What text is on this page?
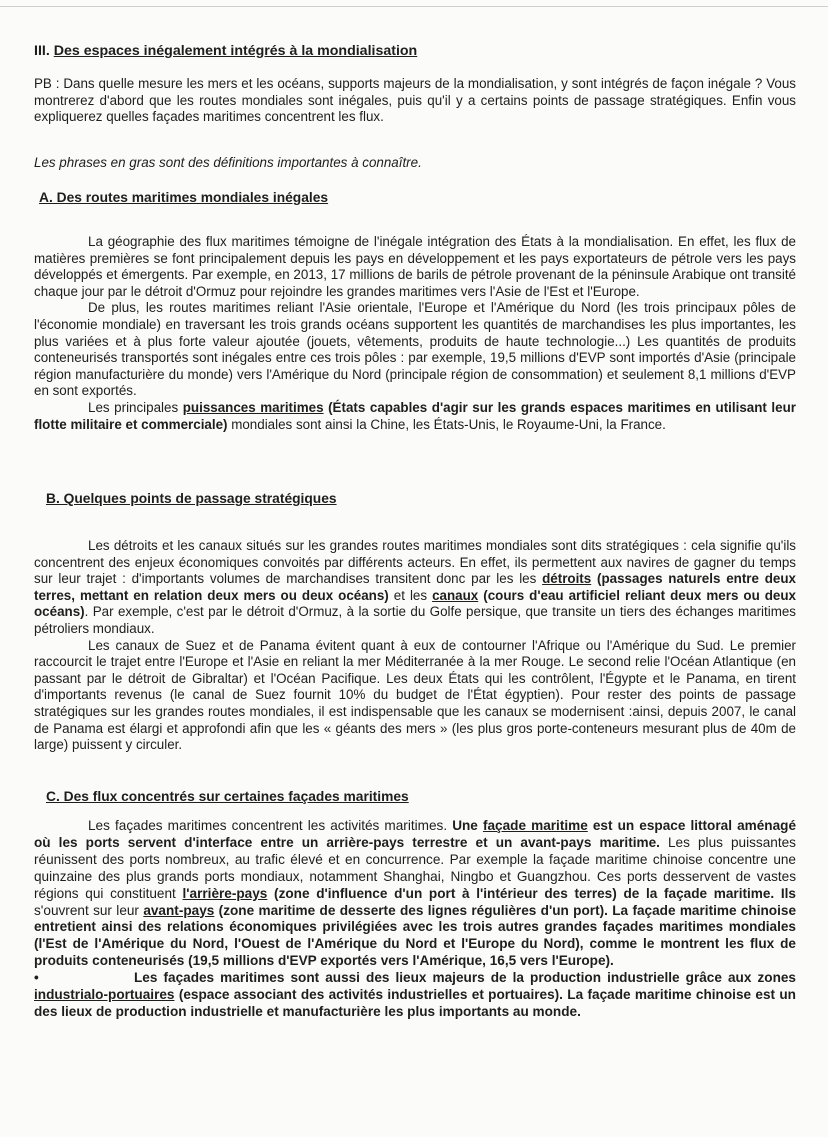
III. Des espaces inégalement intégrés à la mondialisation
PB : Dans quelle mesure les mers et les océans, supports majeurs de la mondialisation, y sont intégrés de façon inégale ? Vous montrerez d'abord que les routes mondiales sont inégales, puis qu'il y a certains points de passage stratégiques. Enfin vous expliquerez quelles façades maritimes concentrent les flux.
Les phrases en gras sont des définitions importantes à connaître.
A. Des routes maritimes mondiales inégales

La géographie des flux maritimes témoigne de l'inégale intégration des États à la mondialisation. En effet, les flux de matières premières se font principalement depuis les pays en développement et les pays exportateurs de pétrole vers les pays développés et émergents. Par exemple, en 2013, 17 millions de barils de pétrole provenant de la péninsule Arabique ont transité chaque jour par le détroit d'Ormuz pour rejoindre les grandes maritimes vers l'Asie de l'Est et l'Europe.

De plus, les routes maritimes reliant l'Asie orientale, l'Europe et l'Amérique du Nord (les trois principaux pôles de l'économie mondiale) en traversant les trois grands océans supportent les quantités de marchandises les plus importantes, les plus variées et à plus forte valeur ajoutée (jouets, vêtements, produits de haute technologie...) Les quantités de produits conteneurisés transportés sont inégales entre ces trois pôles : par exemple, 19,5 millions d'EVP sont importés d'Asie (principale région manufacturière du monde) vers l'Amérique du Nord (principale région de consommation) et seulement 8,1 millions d'EVP en sont exportés.

Les principales puissances maritimes (États capables d'agir sur les grands espaces maritimes en utilisant leur flotte militaire et commerciale) mondiales sont ainsi la Chine, les États-Unis, le Royaume-Uni, la France.

B. Quelques points de passage stratégiques

Les détroits et les canaux situés sur les grandes routes maritimes mondiales sont dits stratégiques : cela signifie qu'ils concentrent des enjeux économiques convoités par différents acteurs. En effet, ils permettent aux navires de gagner du temps sur leur trajet : d'importants volumes de marchandises transitent donc par les les détroits (passages naturels entre deux terres, mettant en relation deux mers ou deux océans) et les canaux (cours d'eau artificiel reliant deux mers ou deux océans). Par exemple, c'est par le détroit d'Ormuz, à la sortie du Golfe persique, que transite un tiers des échanges maritimes pétroliers mondiaux.

Les canaux de Suez et de Panama évitent quant à eux de contourner l'Afrique ou l'Amérique du Sud. Le premier raccourcit le trajet entre l'Europe et l'Asie en reliant la mer Méditerranée à la mer Rouge. Le second relie l'Océan Atlantique (en passant par le détroit de Gibraltar) et l'Océan Pacifique. Les deux États qui les contrôlent, l'Égypte et le Panama, en tirent d'importants revenus (le canal de Suez fournit 10% du budget de l'État égyptien). Pour rester des points de passage stratégiques sur les grandes routes mondiales, il est indispensable que les canaux se modernisent :ainsi, depuis 2007, le canal de Panama est élargi et approfondi afin que les « géants des mers » (les plus gros porte-conteneurs mesurant plus de 40m de large) puissent y circuler.

C. Des flux concentrés sur certaines façades maritimes

Les façades maritimes concentrent les activités maritimes. Une façade maritime est un espace littoral aménagé où les ports servent d'interface entre un arrière-pays terrestre et un avant-pays maritime. Les plus puissantes réunissent des ports nombreux, au trafic élevé et en concurrence. Par exemple la façade maritime chinoise concentre une quinzaine des plus grands ports mondiaux, notamment Shanghai, Ningbo et Guangzhou. Ces ports desservent de vastes régions qui constituent l'arrière-pays (zone d'influence d'un port à l'intérieur des terres) de la façade maritime. Ils s'ouvrent sur leur avant-pays (zone maritime de desserte des lignes régulières d'un port). La façade maritime chinoise entretient ainsi des relations économiques privilégiées avec les trois autres grandes façades maritimes mondiales (l'Est de l'Amérique du Nord, l'Ouest de l'Amérique du Nord et l'Europe du Nord), comme le montrent les flux de produits conteneurisés (19,5 millions d'EVP exportés vers l'Amérique, 16,5 vers l'Europe).

•	Les façades maritimes sont aussi des lieux majeurs de la production industrielle grâce aux zones industrialo-portuaires (espace associant des activités industrielles et portuaires). La façade maritime chinoise est un des lieux de production industrielle et manufacturière les plus importants au monde.
